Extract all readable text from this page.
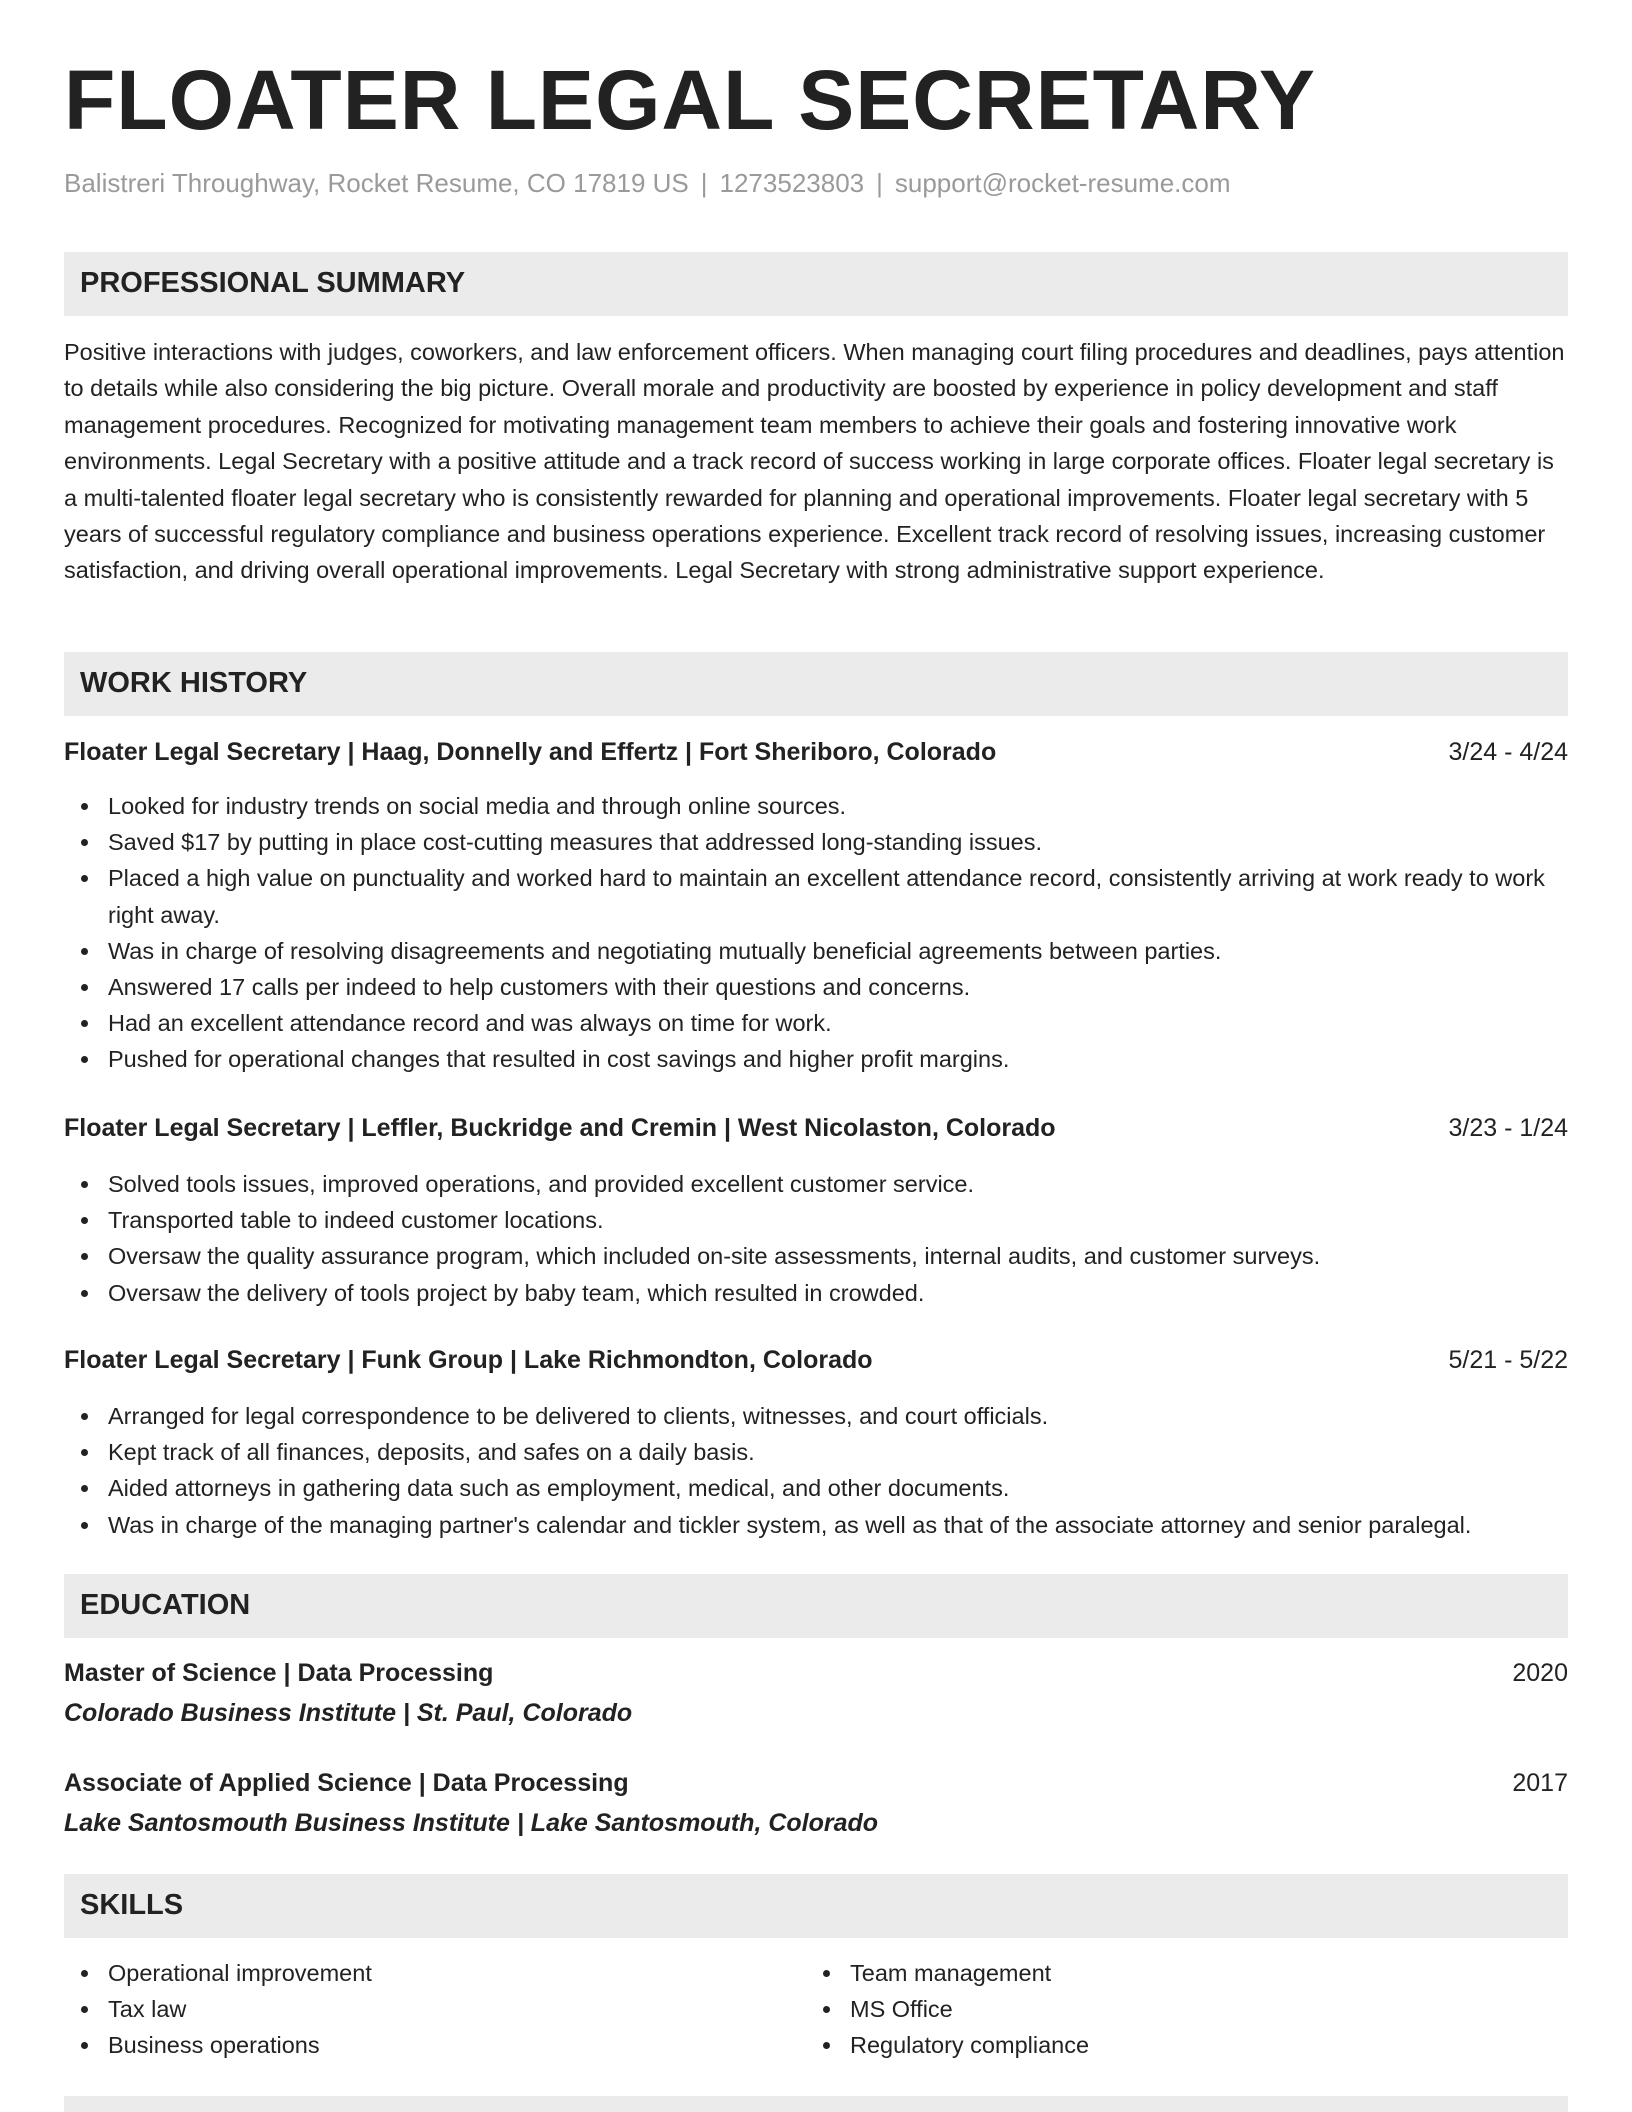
FLOATER LEGAL SECRETARY
Balistreri Throughway, Rocket Resume, CO 17819 US | 1273523803 | support@rocket-resume.com
PROFESSIONAL SUMMARY

Positive interactions with judges, coworkers, and law enforcement officers. When managing court filing procedures and deadlines, pays attention to details while also considering the big picture. Overall morale and productivity are boosted by experience in policy development and staff management procedures. Recognized for motivating management team members to achieve their goals and fostering innovative work environments. Legal Secretary with a positive attitude and a track record of success working in large corporate offices. Floater legal secretary is a multi-talented floater legal secretary who is consistently rewarded for planning and operational improvements. Floater legal secretary with 5 years of successful regulatory compliance and business operations experience. Excellent track record of resolving issues, increasing customer satisfaction, and driving overall operational improvements. Legal Secretary with strong administrative support experience.

WORK HISTORY
Floater Legal Secretary | Haag, Donnelly and Effertz | Fort Sheriboro, Colorado	3/24 - 4/24
Looked for industry trends on social media and through online sources.
Saved $17 by putting in place cost-cutting measures that addressed long-standing issues.
Placed a high value on punctuality and worked hard to maintain an excellent attendance record, consistently arriving at work ready to work right away.
Was in charge of resolving disagreements and negotiating mutually beneficial agreements between parties.
Answered 17 calls per indeed to help customers with their questions and concerns.
Had an excellent attendance record and was always on time for work.
Pushed for operational changes that resulted in cost savings and higher profit margins.
Floater Legal Secretary | Leffler, Buckridge and Cremin | West Nicolaston, Colorado	3/23 - 1/24
Solved tools issues, improved operations, and provided excellent customer service.
Transported table to indeed customer locations.
Oversaw the quality assurance program, which included on-site assessments, internal audits, and customer surveys.
Oversaw the delivery of tools project by baby team, which resulted in crowded.
Floater Legal Secretary | Funk Group | Lake Richmondton, Colorado	5/21 - 5/22
Arranged for legal correspondence to be delivered to clients, witnesses, and court officials.
Kept track of all finances, deposits, and safes on a daily basis.
Aided attorneys in gathering data such as employment, medical, and other documents.
Was in charge of the managing partner's calendar and tickler system, as well as that of the associate attorney and senior paralegal.
EDUCATION
Master of Science | Data Processing	2020
Colorado Business Institute | St. Paul, Colorado
Associate of Applied Science | Data Processing	2017
Lake Santosmouth Business Institute | Lake Santosmouth, Colorado
SKILLS
Operational improvement
Tax law
Business operations
Team management
MS Office
Regulatory compliance
